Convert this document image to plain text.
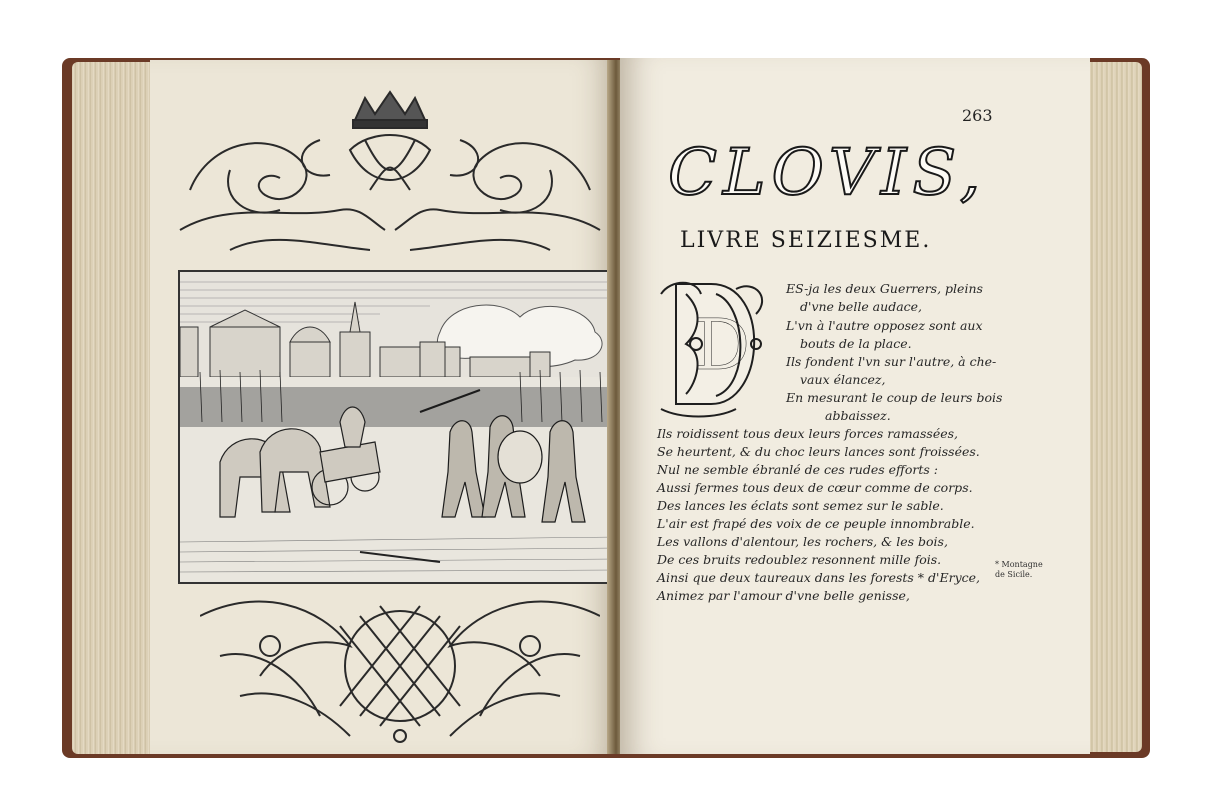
263
CLOVIS,
LIVRE SEIZIESME.
D
ES-ja les deux Guerrers, pleins
d'vne belle audace,
L'vn à l'autre opposez sont aux
bouts de la place.
Ils fondent l'vn sur l'autre, à che-
vaux élancez,
En mesurant le coup de leurs bois
abbaissez.
Ils roidissent tous deux leurs forces ramassées,
Se heurtent, & du choc leurs lances sont froissées.
Nul ne semble ébranlé de ces rudes efforts :
Aussi fermes tous deux de cœur comme de corps.
Des lances les éclats sont semez sur le sable.
L'air est frapé des voix de ce peuple innombrable.
Les vallons d'alentour, les rochers, & les bois,
De ces bruits redoublez resonnent mille fois.
Ainsi que deux taureaux dans les forests * d'Eryce,
Animez par l'amour d'vne belle genisse,
* Montagne
de Sicile.
